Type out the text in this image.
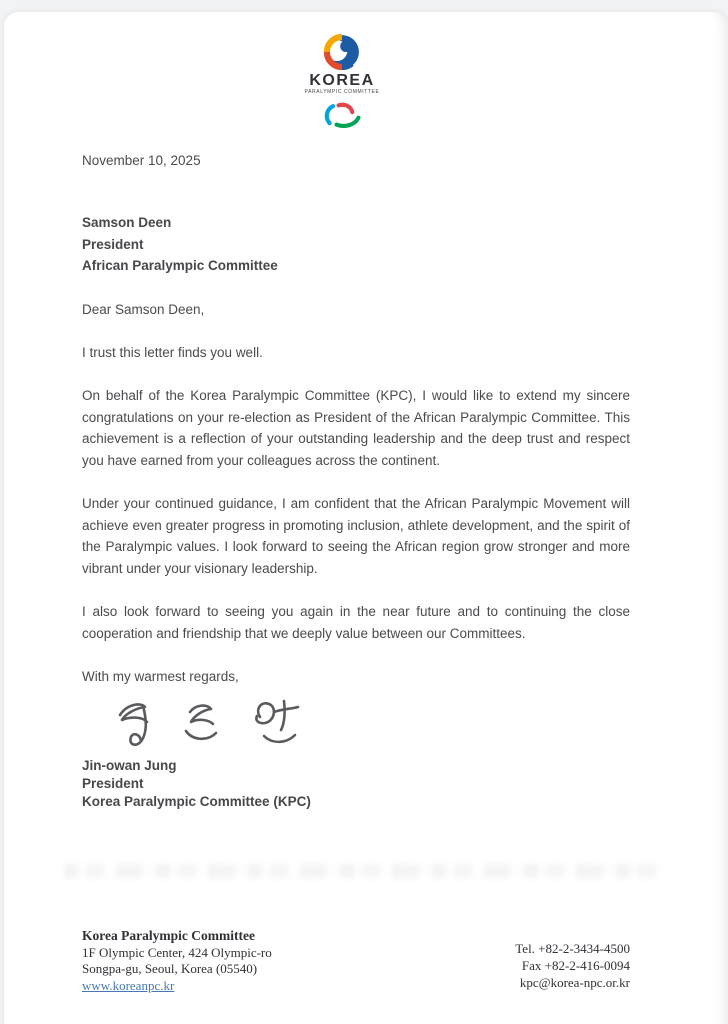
KOREA
PARALYMPIC COMMITTEE
November 10, 2025
Samson Deen
President
African Paralympic Committee
Dear Samson Deen,

I trust this letter finds you well.

On behalf of the Korea Paralympic Committee (KPC), I would like to extend my sincere congratulations on your re-election as President of the African Paralympic Committee. This achievement is a reflection of your outstanding leadership and the deep trust and respect you have earned from your colleagues across the continent.

Under your continued guidance, I am confident that the African Paralympic Movement will achieve even greater progress in promoting inclusion, athlete development, and the spirit of the Paralympic values. I look forward to seeing the African region grow stronger and more vibrant under your visionary leadership.

I also look forward to seeing you again in the near future and to continuing the close cooperation and friendship that we deeply value between our Committees.

With my warmest regards,
Jin-owan Jung
President
Korea Paralympic Committee (KPC)
Korea Paralympic Committee
1F Olympic Center, 424 Olympic-ro
Songpa-gu, Seoul, Korea (05540)
www.koreanpc.kr
Tel. +82-2-3434-4500
Fax +82-2-416-0094
kpc@korea-npc.or.kr
